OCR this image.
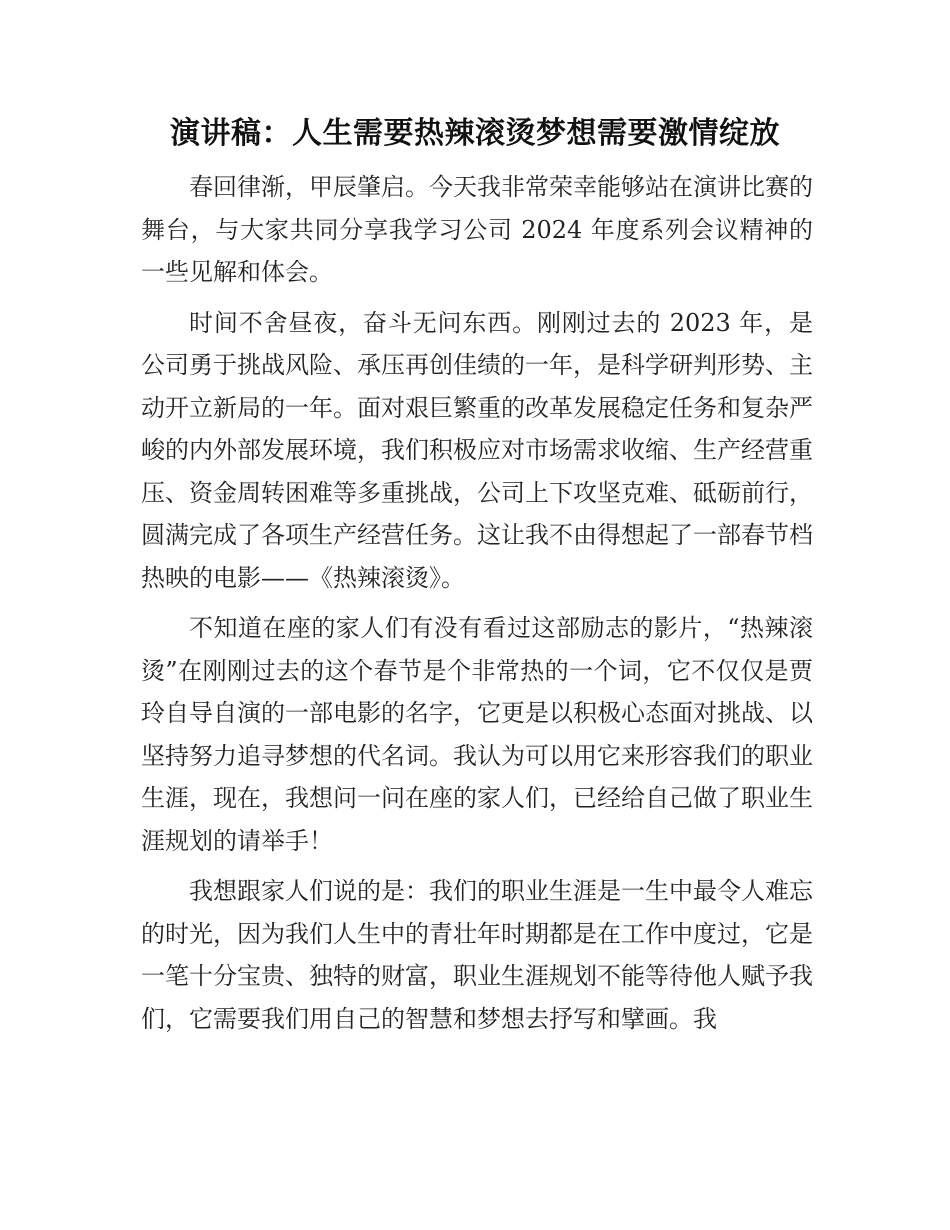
演讲稿：人生需要热辣滚烫梦想需要激情绽放

春回律渐，甲辰肇启。今天我非常荣幸能够站在演讲比赛的舞台，与大家共同分享我学习公司 2024 年度系列会议精神的一些见解和体会。

时间不舍昼夜，奋斗无问东西。刚刚过去的 2023 年，是公司勇于挑战风险、承压再创佳绩的一年，是科学研判形势、主动开立新局的一年。面对艰巨繁重的改革发展稳定任务和复杂严峻的内外部发展环境，我们积极应对市场需求收缩、生产经营重压、资金周转困难等多重挑战，公司上下攻坚克难、砥砺前行，圆满完成了各项生产经营任务。这让我不由得想起了一部春节档热映的电影——《热辣滚烫》。

不知道在座的家人们有没有看过这部励志的影片，“热辣滚烫”在刚刚过去的这个春节是个非常热的一个词，它不仅仅是贾玲自导自演的一部电影的名字，它更是以积极心态面对挑战、以坚持努力追寻梦想的代名词。我认为可以用它来形容我们的职业生涯，现在，我想问一问在座的家人们，已经给自己做了职业生涯规划的请举手！

我想跟家人们说的是：我们的职业生涯是一生中最令人难忘的时光，因为我们人生中的青壮年时期都是在工作中度过，它是一笔十分宝贵、独特的财富，职业生涯规划不能等待他人赋予我们，它需要我们用自己的智慧和梦想去抒写和擘画。我
